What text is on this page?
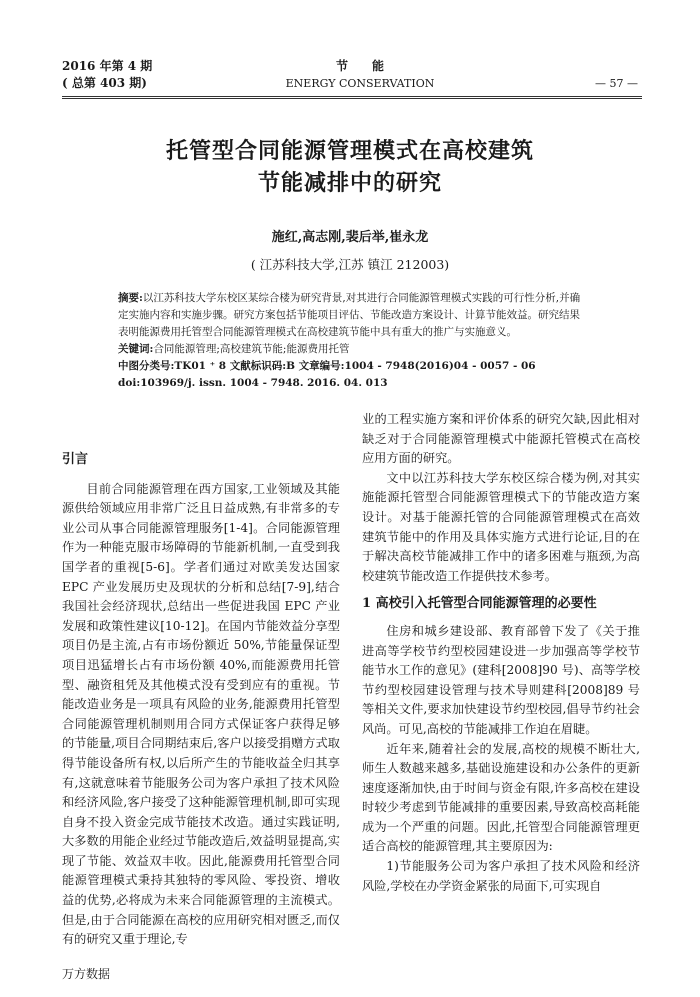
2016 年第 4 期
( 总第 403 期)
节能
ENERGY CONSERVATION	— 57 —
托管型合同能源管理模式在高校建筑
节能减排中的研究
施红,高志刚,裴后举,崔永龙
( 江苏科技大学,江苏 镇江 212003)
摘要:以江苏科技大学东校区某综合楼为研究背景,对其进行合同能源管理模式实践的可行性分析,并确定实施内容和实施步骤。研究方案包括节能项目评估、节能改造方案设计、计算节能效益。研究结果表明能源费用托管型合同能源管理模式在高校建筑节能中具有重大的推广与实施意义。
关键词:合同能源管理;高校建筑节能;能源费用托管
中图分类号:TK01 ⁺ 8 文献标识码:B 文章编号:1004 - 7948(2016)04 - 0057 - 06
doi:103969/j. issn. 1004 - 7948. 2016. 04. 013

引言

目前合同能源管理在西方国家,工业领域及其能源供给领域应用非常广泛且日益成熟,有非常多的专业公司从事合同能源管理服务[1-4]。合同能源管理作为一种能克服市场障碍的节能新机制,一直受到我国学者的重视[5-6]。学者们通过对欧美发达国家 EPC 产业发展历史及现状的分析和总结[7-9],结合我国社会经济现状,总结出一些促进我国 EPC 产业发展和政策性建议[10-12]。在国内节能效益分享型项目仍是主流,占有市场份额近 50%,节能量保证型项目迅猛增长占有市场份额 40%,而能源费用托管型、融资租凭及其他模式没有受到应有的重视。节能改造业务是一项具有风险的业务,能源费用托管型合同能源管理机制则用合同方式保证客户获得足够的节能量,项目合同期结束后,客户以接受捐赠方式取得节能设备所有权,以后所产生的节能收益全归其享有,这就意味着节能服务公司为客户承担了技术风险和经济风险,客户接受了这种能源管理机制,即可实现自身不投入资金完成节能技术改造。通过实践证明,大多数的用能企业经过节能改造后,效益明显提高,实现了节能、效益双丰收。因此,能源费用托管型合同能源管理模式秉持其独特的零风险、零投资、增收益的优势,必将成为未来合同能源管理的主流模式。但是,由于合同能源在高校的应用研究相对匮乏,而仅有的研究又重于理论,专

业的工程实施方案和评价体系的研究欠缺,因此相对缺乏对于合同能源管理模式中能源托管模式在高校应用方面的研究。

文中以江苏科技大学东校区综合楼为例,对其实施能源托管型合同能源管理模式下的节能改造方案设计。对基于能源托管的合同能源管理模式在高效建筑节能中的作用及具体实施方式进行论证,目的在于解决高校节能减排工作中的诸多困难与瓶颈,为高校建筑节能改造工作提供技术参考。

1 高校引入托管型合同能源管理的必要性

住房和城乡建设部、教育部曾下发了《关于推进高等学校节约型校园建设进一步加强高等学校节能节水工作的意见》(建科[2008]90 号)、高等学校节约型校园建设管理与技术导则建科[2008]89 号等相关文件,要求加快建设节约型校园,倡导节约社会风尚。可见,高校的节能减排工作迫在眉睫。

近年来,随着社会的发展,高校的规模不断壮大,师生人数越来越多,基础设施建设和办公条件的更新速度逐渐加快,由于时间与资金有限,许多高校在建设时较少考虑到节能减排的重要因素,导致高校高耗能成为一个严重的问题。因此,托管型合同能源管理更适合高校的能源管理,其主要原因为:

1)节能服务公司为客户承担了技术风险和经济风险,学校在办学资金紧张的局面下,可实现自

万方数据
